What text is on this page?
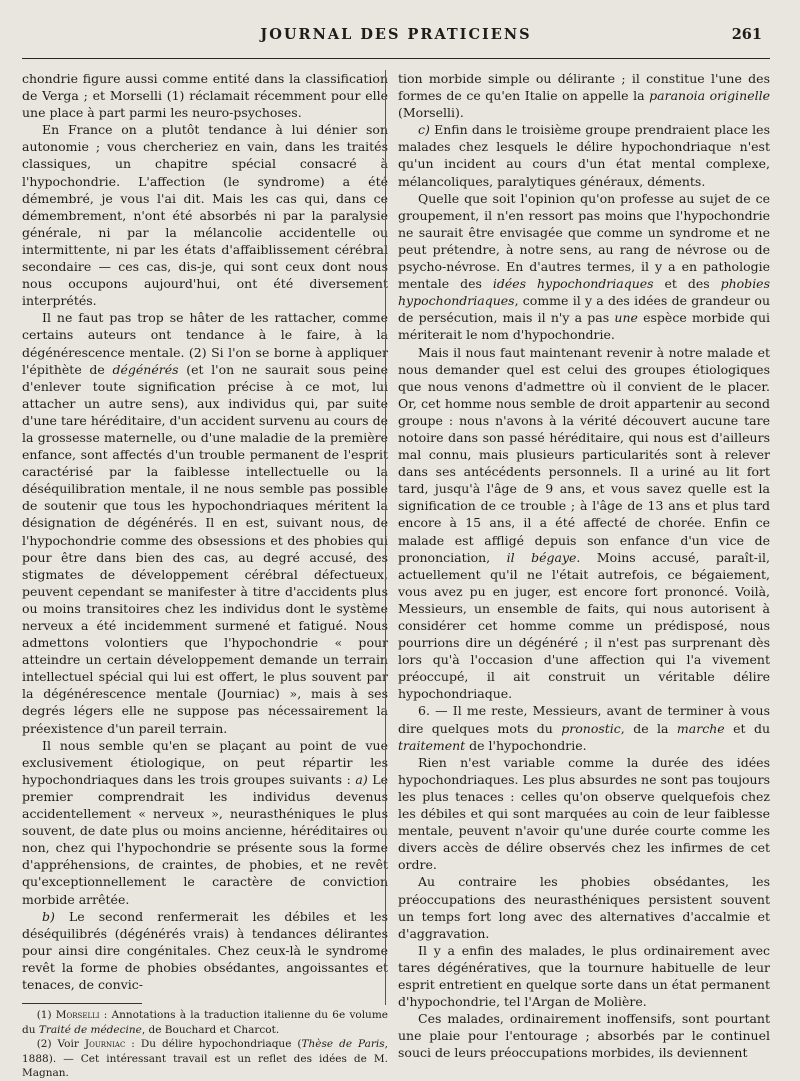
JOURNAL DES PRATICIENS	261

chondrie figure aussi comme entité dans la classification de Verga ; et Morselli (1) réclamait récemment pour elle une place à part parmi les neuro-psychoses.

En France on a plutôt tendance à lui dénier son autonomie ; vous chercheriez en vain, dans les traités classiques, un chapitre spécial consacré à l'hypochondrie. L'affection (le syndrome) a été démembré, je vous l'ai dit. Mais les cas qui, dans ce démembrement, n'ont été absorbés ni par la paralysie générale, ni par la mélancolie accidentelle ou intermittente, ni par les états d'affaiblissement cérébral secondaire — ces cas, dis-je, qui sont ceux dont nous nous occupons aujourd'hui, ont été diversement interprétés.

Il ne faut pas trop se hâter de les rattacher, comme certains auteurs ont tendance à le faire, à la dégénérescence mentale. (2) Si l'on se borne à appliquer l'épithète de dégénérés (et l'on ne saurait sous peine d'enlever toute signification précise à ce mot, lui attacher un autre sens), aux individus qui, par suite d'une tare héréditaire, d'un accident survenu au cours de la grossesse maternelle, ou d'une maladie de la première enfance, sont affectés d'un trouble permanent de l'esprit caractérisé par la faiblesse intellectuelle ou la déséquilibration mentale, il ne nous semble pas possible de soutenir que tous les hypochondriaques méritent la désignation de dégénérés. Il en est, suivant nous, de l'hypochondrie comme des obsessions et des phobies qui pour être dans bien des cas, au degré accusé, des stigmates de développement cérébral défectueux, peuvent cependant se manifester à titre d'accidents plus ou moins transitoires chez les individus dont le système nerveux a été incidemment surmené et fatigué. Nous admettons volontiers que l'hypochondrie « pour atteindre un certain développement demande un terrain intellectuel spécial qui lui est offert, le plus souvent par la dégénérescence mentale (Journiac) », mais à ses degrés légers elle ne suppose pas nécessairement la préexistence d'un pareil terrain.

Il nous semble qu'en se plaçant au point de vue exclusivement étiologique, on peut répartir les hypochondriaques dans les trois groupes suivants : a) Le premier comprendrait les individus devenus accidentellement « nerveux », neurasthéniques le plus souvent, de date plus ou moins ancienne, héréditaires ou non, chez qui l'hypochondrie se présente sous la forme d'appréhensions, de craintes, de phobies, et ne revêt qu'exceptionnellement le caractère de conviction morbide arrêtée.

b) Le second renfermerait les débiles et les déséquilibrés (dégénérés vrais) à tendances délirantes pour ainsi dire congénitales. Chez ceux-là le syndrome revêt la forme de phobies obsédantes, angoissantes et tenaces, de convic-

(1) Morselli : Annotations à la traduction italienne du 6e volume du Traité de médecine, de Bouchard et Charcot.

(2) Voir Journiac : Du délire hypochondriaque (Thèse de Paris, 1888). — Cet intéressant travail est un reflet des idées de M. Magnan.

tion morbide simple ou délirante ; il constitue l'une des formes de ce qu'en Italie on appelle la paranoia originelle (Morselli).

c) Enfin dans le troisième groupe prendraient place les malades chez lesquels le délire hypochondriaque n'est qu'un incident au cours d'un état mental complexe, mélancoliques, paralytiques généraux, déments.

Quelle que soit l'opinion qu'on professe au sujet de ce groupement, il n'en ressort pas moins que l'hypochondrie ne saurait être envisagée que comme un syndrome et ne peut prétendre, à notre sens, au rang de névrose ou de psycho-névrose. En d'autres termes, il y a en pathologie mentale des idées hypochondriaques et des phobies hypochondriaques, comme il y a des idées de grandeur ou de persécution, mais il n'y a pas une espèce morbide qui mériterait le nom d'hypochondrie.

Mais il nous faut maintenant revenir à notre malade et nous demander quel est celui des groupes étiologiques que nous venons d'admettre où il convient de le placer. Or, cet homme nous semble de droit appartenir au second groupe : nous n'avons à la vérité découvert aucune tare notoire dans son passé héréditaire, qui nous est d'ailleurs mal connu, mais plusieurs particularités sont à relever dans ses antécédents personnels. Il a uriné au lit fort tard, jusqu'à l'âge de 9 ans, et vous savez quelle est la signification de ce trouble ; à l'âge de 13 ans et plus tard encore à 15 ans, il a été affecté de chorée. Enfin ce malade est affligé depuis son enfance d'un vice de prononciation, il bégaye. Moins accusé, paraît-il, actuellement qu'il ne l'était autrefois, ce bégaiement, vous avez pu en juger, est encore fort prononcé. Voilà, Messieurs, un ensemble de faits, qui nous autorisent à considérer cet homme comme un prédisposé, nous pourrions dire un dégénéré ; il n'est pas surprenant dès lors qu'à l'occasion d'une affection qui l'a vivement préoccupé, il ait construit un véritable délire hypochondriaque.

6. — Il me reste, Messieurs, avant de terminer à vous dire quelques mots du pronostic, de la marche et du traitement de l'hypochondrie.

Rien n'est variable comme la durée des idées hypochondriaques. Les plus absurdes ne sont pas toujours les plus tenaces : celles qu'on observe quelquefois chez les débiles et qui sont marquées au coin de leur faiblesse mentale, peuvent n'avoir qu'une durée courte comme les divers accès de délire observés chez les infirmes de cet ordre.

Au contraire les phobies obsédantes, les préoccupations des neurasthéniques persistent souvent un temps fort long avec des alternatives d'accalmie et d'aggravation.

Il y a enfin des malades, le plus ordinairement avec tares dégénératives, que la tournure habituelle de leur esprit entretient en quelque sorte dans un état permanent d'hypochondrie, tel l'Argan de Molière.

Ces malades, ordinairement inoffensifs, sont pourtant une plaie pour l'entourage ; absorbés par le continuel souci de leurs préoccupations morbides, ils deviennent
